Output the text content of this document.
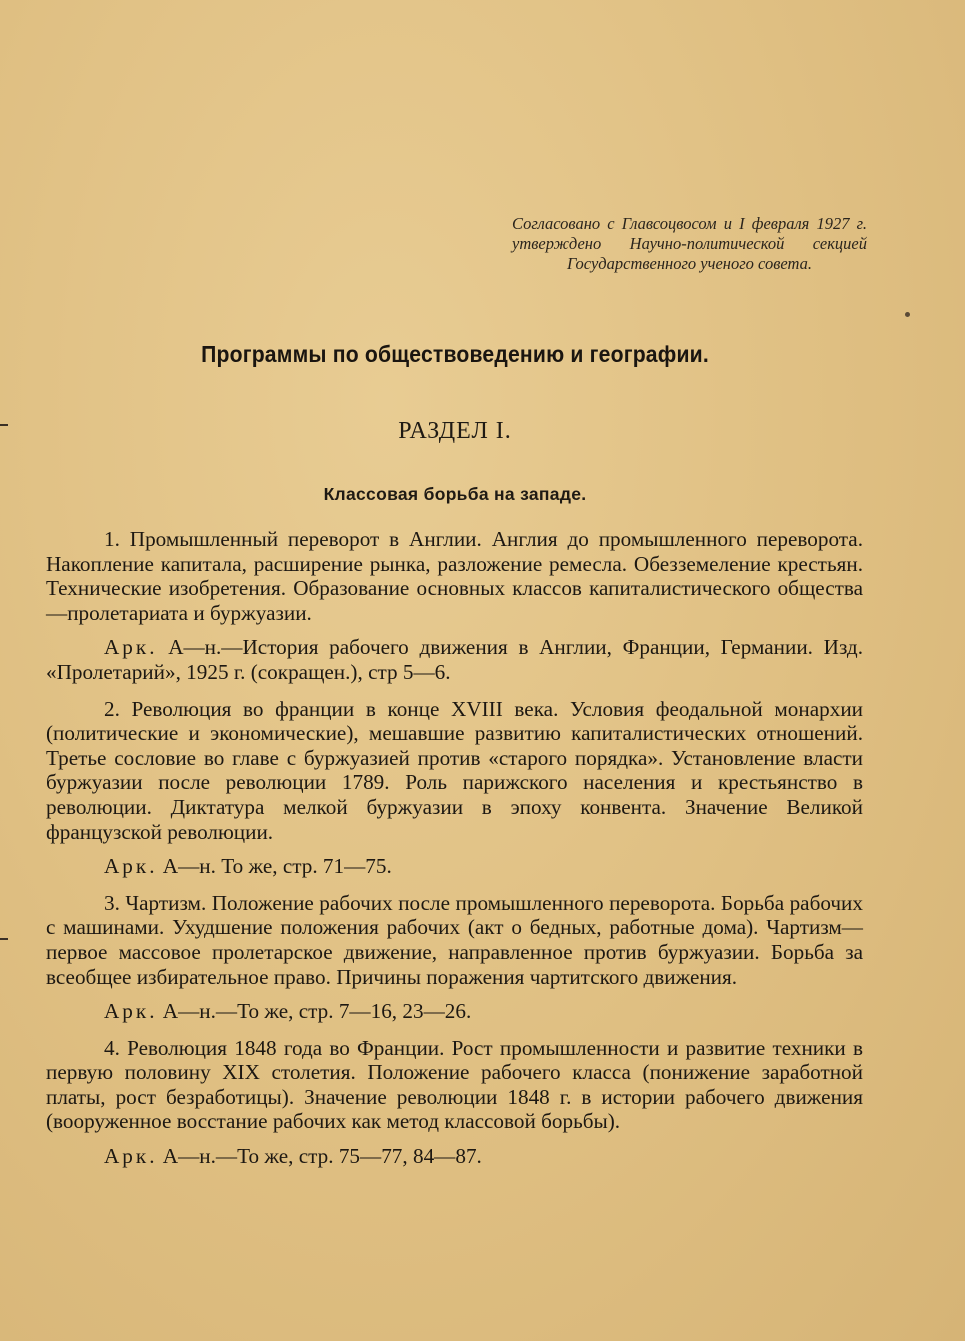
Согласовано с Главсоцвосом и I февраля 1927 г. утверждено Научно-политической секцией Государственного ученого совета.
Программы по обществоведению и географии.
РАЗДЕЛ I.
Классовая борьба на западе.

1. Промышленный переворот в Англии. Англия до промышленного переворота. Накопление капитала, расширение рынка, разложение ремесла. Обезземеление крестьян. Технические изобретения. Образование основных классов капиталистического общества—пролетариата и буржуазии.

Арк. А—н.—История рабочего движения в Англии, Франции, Германии. Изд. «Пролетарий», 1925 г. (сокращен.), стр 5—6.

2. Революция во франции в конце XVIII века. Условия феодальной монархии (политические и экономические), мешавшие развитию капиталистических отношений. Третье сословие во главе с буржуазией против «старого порядка». Установление власти буржуазии после революции 1789. Роль парижского населения и крестьянство в революции. Диктатура мелкой буржуазии в эпоху конвента. Значение Великой французской революции.

Арк. А—н. То же, стр. 71—75.

3. Чартизм. Положение рабочих после промышленного переворота. Борьба рабочих с машинами. Ухудшение положения рабочих (акт о бедных, работные дома). Чартизм—первое массовое пролетарское движение, направленное против буржуазии. Борьба за всеобщее избирательное право. Причины поражения чартитского движения.

Арк. А—н.—То же, стр. 7—16, 23—26.

4. Революция 1848 года во Франции. Рост промышленности и развитие техники в первую половину XIX столетия. Положение рабочего класса (понижение заработной платы, рост безработицы). Значение революции 1848 г. в истории рабочего движения (вооруженное восстание рабочих как метод классовой борьбы).

Арк. А—н.—То же, стр. 75—77, 84—87.
